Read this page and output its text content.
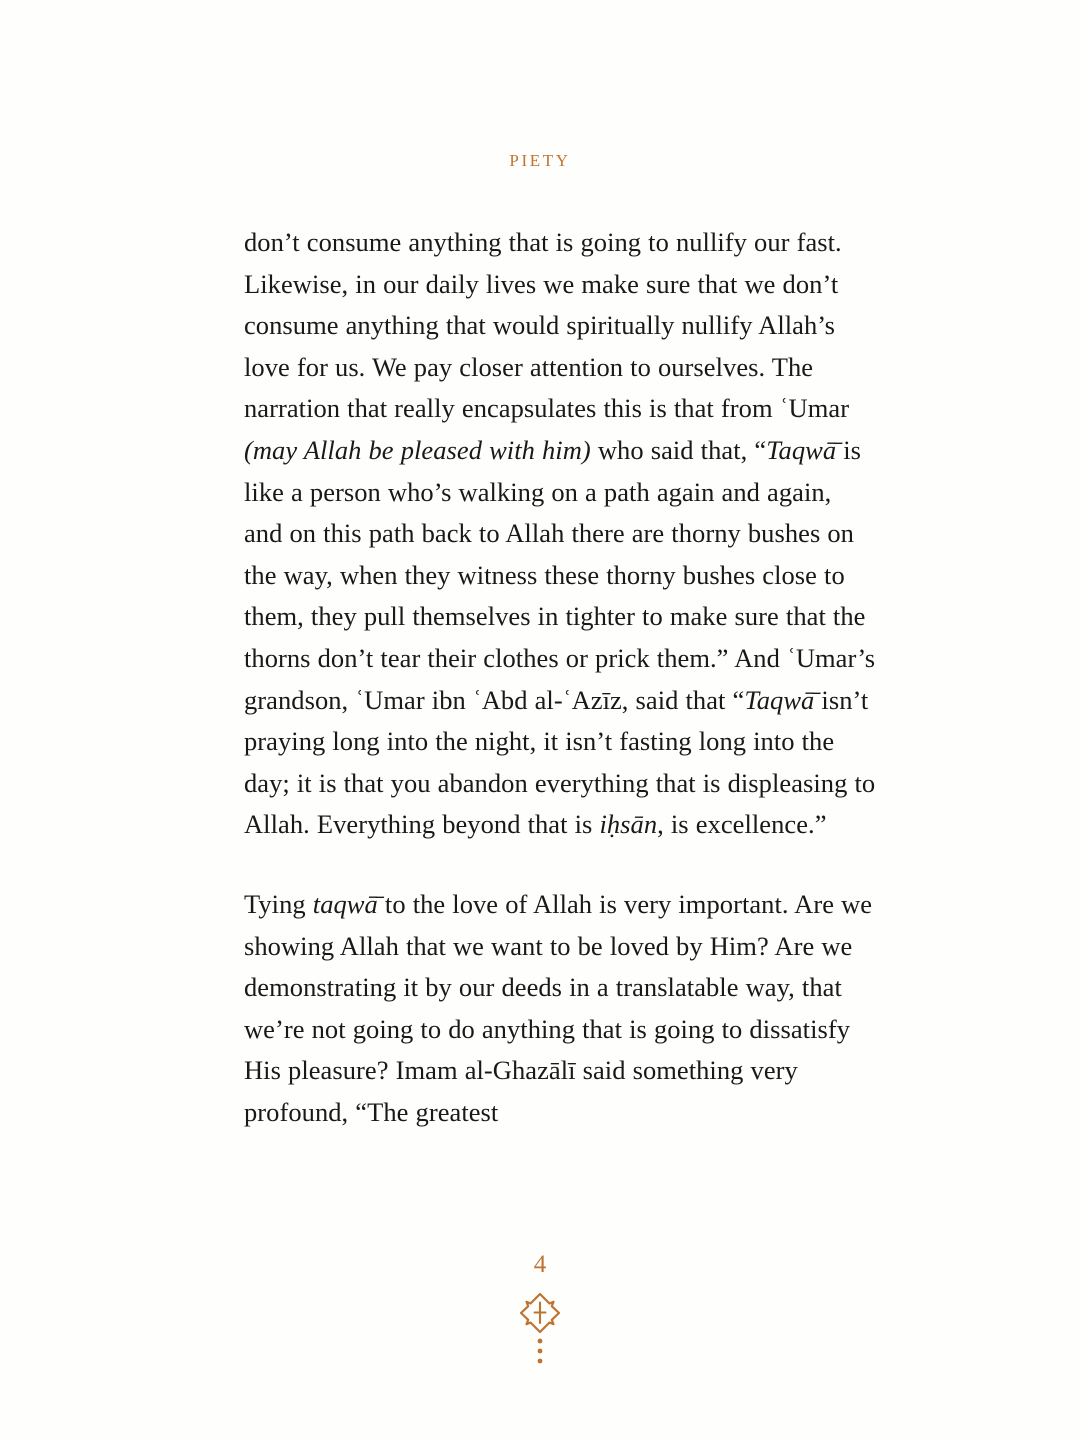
PIETY

don’t consume anything that is going to nullify our fast. Likewise, in our daily lives we make sure that we don’t consume anything that would spiritually nullify Allah’s love for us. We pay closer attention to ourselves. The narration that really encapsulates this is that from ʿUmar (may Allah be pleased with him) who said that, “Taqwā̄ is like a person who’s walking on a path again and again, and on this path back to Allah there are thorny bushes on the way, when they witness these thorny bushes close to them, they pull themselves in tighter to make sure that the thorns don’t tear their clothes or prick them.” And ʿUmar’s grandson, ʿUmar ibn ʿAbd al-ʿAzīz, said that “Taqwā̄ isn’t praying long into the night, it isn’t fasting long into the day; it is that you abandon everything that is displeasing to Allah. Everything beyond that is iḥsān, is excellence.”

Tying taqwā̄ to the love of Allah is very important. Are we showing Allah that we want to be loved by Him? Are we demonstrating it by our deeds in a translatable way, that we’re not going to do anything that is going to dissatisfy His pleasure? Imam al-Ghazālī said something very profound, “The greatest

4
